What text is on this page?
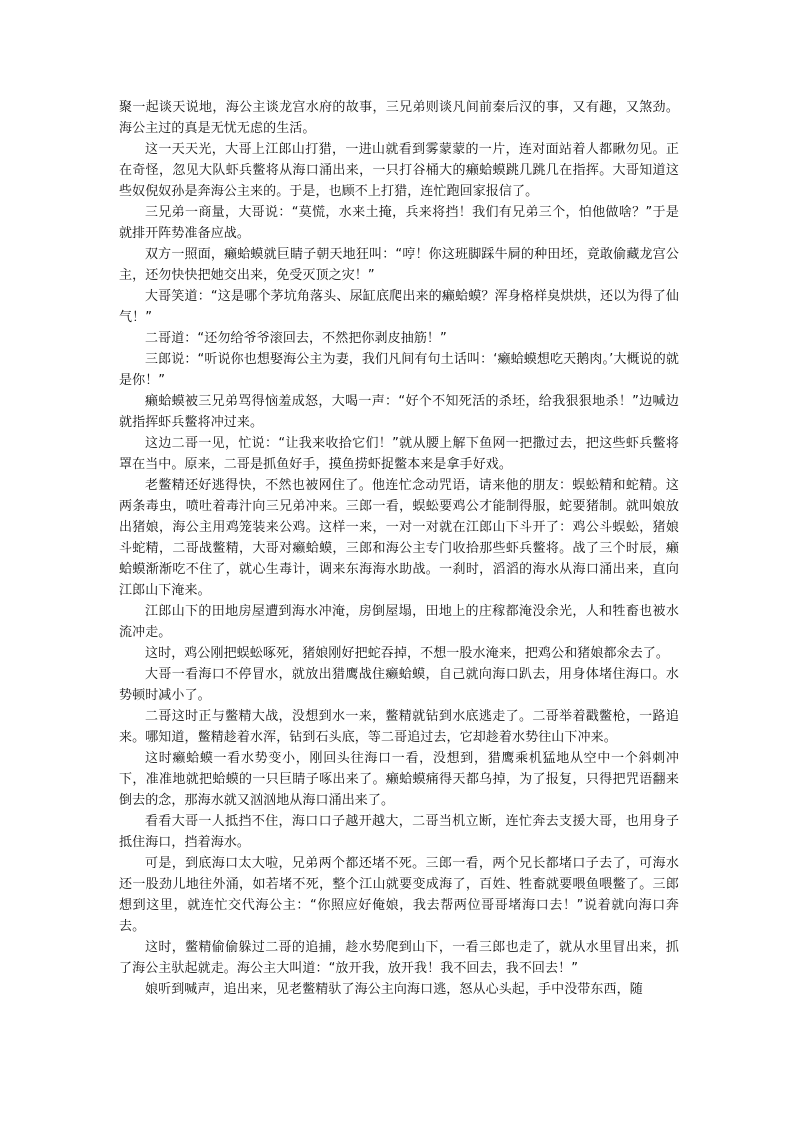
聚一起谈天说地，海公主谈龙宫水府的故事，三兄弟则谈凡间前秦后汉的事，又有趣，又煞劲。海公主过的真是无忧无虑的生活。

这一天天光，大哥上江郎山打猎，一进山就看到雾蒙蒙的一片，连对面站着人都瞅勿见。正在奇怪，忽见大队虾兵鳖将从海口涌出来，一只打谷桶大的癞蛤蟆跳几跳几在指挥。大哥知道这些奴倪奴孙是奔海公主来的。于是，也顾不上打猎，连忙跑回家报信了。

三兄弟一商量，大哥说：“莫慌，水来土掩，兵来将挡！我们有兄弟三个，怕他做啥？”于是就排开阵势准备应战。

双方一照面，癞蛤蟆就巨睛子朝天地狂叫：“哼！你这班脚踩牛屙的种田坯，竟敢偷藏龙宫公主，还勿快快把她交出来，免受灭顶之灾！”

大哥笑道：“这是哪个茅坑角落头、尿缸底爬出来的癞蛤蟆？浑身格样臭烘烘，还以为得了仙气！”

二哥道：“还勿给爷爷滚回去，不然把你剥皮抽筋！”

三郎说：“听说你也想娶海公主为妻，我们凡间有句土话叫：‘癞蛤蟆想吃天鹅肉。’大概说的就是你！”

癞蛤蟆被三兄弟骂得恼羞成怒，大喝一声：“好个不知死活的杀坯，给我狠狠地杀！”边喊边就指挥虾兵鳖将冲过来。

这边二哥一见，忙说：“让我来收拾它们！”就从腰上解下鱼网一把撒过去，把这些虾兵鳖将罩在当中。原来，二哥是抓鱼好手，摸鱼捞虾捉鳖本来是拿手好戏。

老鳖精还好逃得快，不然也被网住了。他连忙念动咒语，请来他的朋友：蜈蚣精和蛇精。这两条毒虫，喷吐着毒汁向三兄弟冲来。三郎一看，蜈蚣要鸡公才能制得服，蛇要猪制。就叫娘放出猪娘，海公主用鸡笼装来公鸡。这样一来，一对一对就在江郎山下斗开了：鸡公斗蜈蚣，猪娘斗蛇精，二哥战鳖精，大哥对癞蛤蟆，三郎和海公主专门收拾那些虾兵鳖将。战了三个时辰，癞蛤蟆渐渐吃不住了，就心生毒计，调来东海海水助战。一刹时，滔滔的海水从海口涌出来，直向江郎山下淹来。

江郎山下的田地房屋遭到海水冲淹，房倒屋塌，田地上的庄稼都淹没余光，人和牲畜也被水流冲走。

这时，鸡公刚把蜈蚣啄死，猪娘刚好把蛇吞掉，不想一股水淹来，把鸡公和猪娘都氽去了。

大哥一看海口不停冒水，就放出猎鹰战住癞蛤蟆，自己就向海口趴去，用身体堵住海口。水势顿时减小了。

二哥这时正与鳖精大战，没想到水一来，鳖精就钻到水底逃走了。二哥举着戳鳖枪，一路追来。哪知道，鳖精趁着水浑，钻到石头底，等二哥追过去，它却趁着水势往山下冲来。

这时癞蛤蟆一看水势变小，刚回头往海口一看，没想到，猎鹰乘机猛地从空中一个斜刺冲下，准准地就把蛤蟆的一只巨睛子啄出来了。癞蛤蟆痛得天都乌掉，为了报复，只得把咒语翻来倒去的念，那海水就又汹汹地从海口涌出来了。

看看大哥一人抵挡不住，海口口子越开越大，二哥当机立断，连忙奔去支援大哥，也用身子抵住海口，挡着海水。

可是，到底海口太大啦，兄弟两个都还堵不死。三郎一看，两个兄长都堵口子去了，可海水还一股劲儿地往外涌，如若堵不死，整个江山就要变成海了，百姓、牲畜就要喂鱼喂鳖了。三郎想到这里，就连忙交代海公主：“你照应好俺娘，我去帮两位哥哥堵海口去！”说着就向海口奔去。

这时，鳖精偷偷躲过二哥的追捕，趁水势爬到山下，一看三郎也走了，就从水里冒出来，抓了海公主驮起就走。海公主大叫道：“放开我，放开我！我不回去，我不回去！”

娘听到喊声，追出来，见老鳖精驮了海公主向海口逃，怒从心头起，手中没带东西，随
